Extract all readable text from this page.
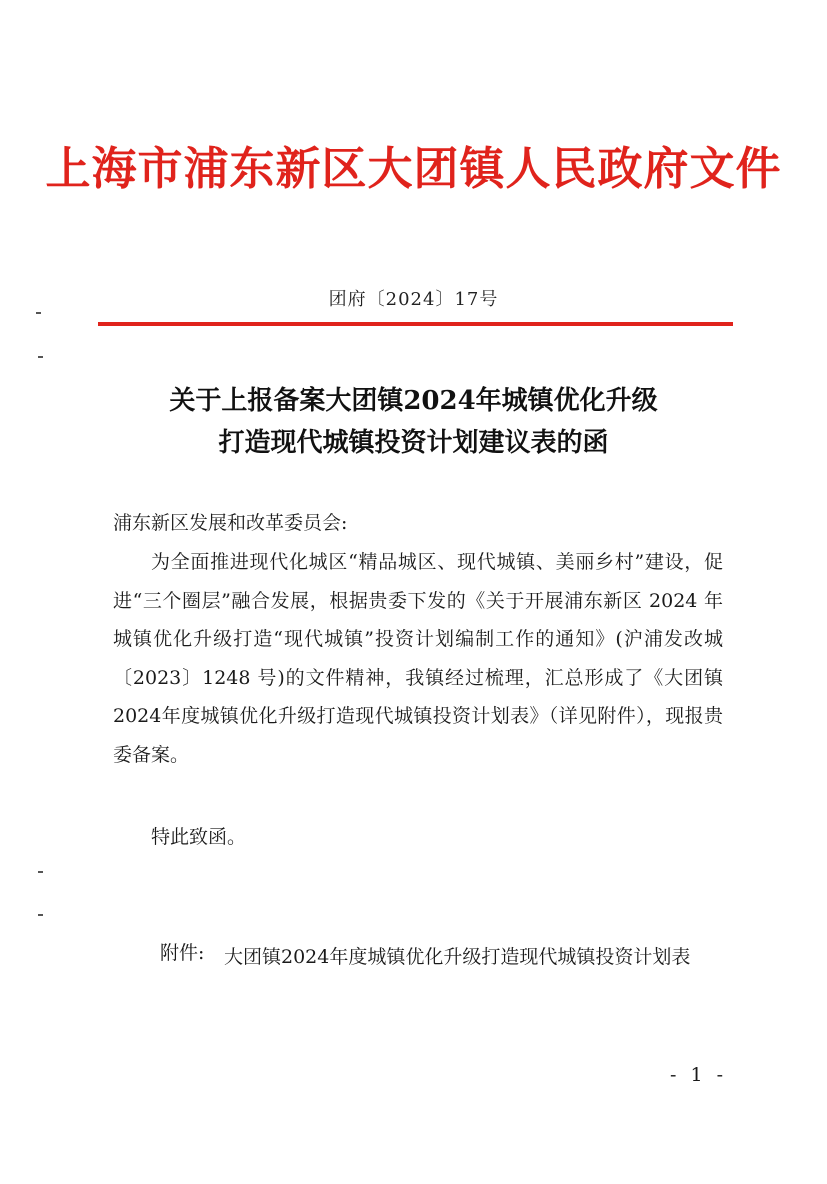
上海市浦东新区大团镇人民政府文件
团府〔2024〕17号
关于上报备案大团镇2024年城镇优化升级
打造现代城镇投资计划建议表的函
浦东新区发展和改革委员会:
为全面推进现代化城区“精品城区、现代城镇、美丽乡村”建设，促进“三个圈层”融合发展，根据贵委下发的《关于开展浦东新区 2024 年城镇优化升级打造“现代城镇”投资计划编制工作的通知》(沪浦发改城〔2023〕1248 号)的文件精神，我镇经过梳理，汇总形成了《大团镇2024年度城镇优化升级打造现代城镇投资计划表》（详见附件），现报贵委备案。
特此致函。
附件: 大团镇2024年度城镇优化升级打造现代城镇投资计划表
- 1 -
